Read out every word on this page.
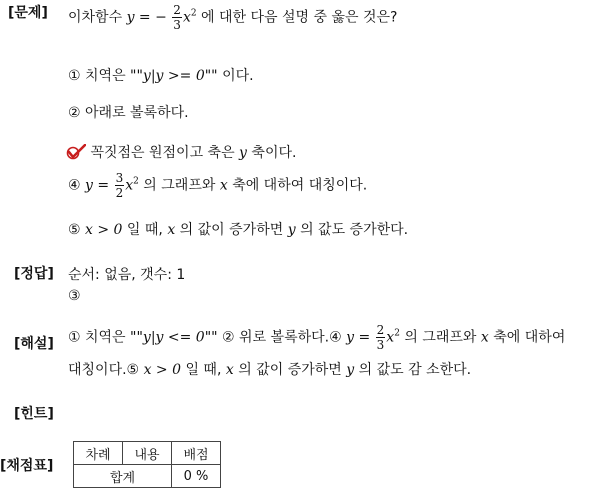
[문제]
[정답]
[해설]
[힌트]
[채점표]
이차함수 y = − $\frac{2}{3} x^2$ 에 대한 다음 설명 중 옳은 것은?
① 치역은 ""y|y >= 0"" 이다.
② 아래로 볼록하다.
꼭짓점은 원점이고 축은 y 축이다.
④ $y = \frac{3}{2} x^2$ 의 그래프와 x 축에 대하여 대칭이다.
⑤ x > 0 일 때, x 의 값이 증가하면 y 의 값도 증가한다.
순서: 없음, 갯수: 1
③
① 치역은 ""y|y <= 0"" ② 위로 볼록하다.④ $y = \frac{2}{3} x^2$ 의 그래프와 x 축에 대하여
대칭이다.⑤ x > 0 일 때, x 의 값이 증가하면 y 의 값도 감 소한다.
차례	내용	배점
합계		0 %
